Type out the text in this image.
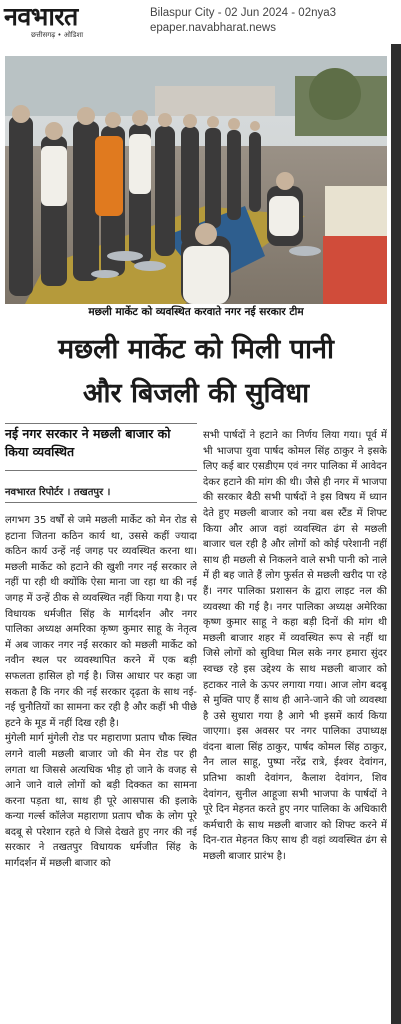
नवभारत
छत्तीसगढ़ • ओडिशा
Bilaspur City - 02 Jun 2024 - 02nya3
epaper.navabharat.news
मछली मार्केट को व्यवस्थित करवाते नगर नई सरकार टीम
मछली मार्केट को मिली पानी
और बिजली की सुविधा
नई नगर सरकार ने मछली बाजार को किया व्यवस्थित
नवभारत रिपोर्टर । तखतपुर ।

लगभग 35 वर्षों से जमे मछली मार्केट को मेन रोड से हटाना जितना कठिन कार्य था, उससे कहीं ज्यादा कठिन कार्य उन्हें नई जगह पर व्यवस्थित करना था। मछली मार्केट को हटाने की खुशी नगर नई सरकार ले नहीं पा रही थी क्योंकि ऐसा माना जा रहा था की नई जगह में उन्हें ठीक से व्यवस्थित नहीं किया गया है। पर विधायक धर्मजीत सिंह के मार्गदर्शन और नगर पालिका अध्यक्ष अमरिका कृष्ण कुमार साहू के नेतृत्व में अब जाकर नगर नई सरकार को मछली मार्केट को नवीन स्थल पर व्यवस्थापित करने में एक बड़ी सफलता हासिल हो गई है। जिस आधार पर कहा जा सकता है कि नगर की नई सरकार दृढ़ता के साथ नई-नई चुनौतियों का सामना कर रही है और कहीं भी पीछे हटने के मूड में नहीं दिख रही है।

मुंगेली मार्ग मुंगेली रोड पर महाराणा प्रताप चौक स्थित लगने वाली मछली बाजार जो की मेन रोड पर ही लगता था जिससे अत्यधिक भीड़ हो जाने के वजह से आने जाने वाले लोगों को बड़ी दिक्कत का सामना करना पड़ता था, साथ ही पूरे आसपास की इलाके कन्या गर्ल्स कॉलेज महाराणा प्रताप चौक के लोग पूरे बदबू से परेशान रहते थे जिसे देखते हुए नगर की नई सरकार ने तखतपुर विधायक धर्मजीत सिंह के मार्गदर्शन में मछली बाजार को

सभी पार्षदों ने हटाने का निर्णय लिया गया। पूर्व में भी भाजपा युवा पार्षद कोमल सिंह ठाकुर ने इसके लिए कई बार एसडीएम एवं नगर पालिका में आवेदन देकर हटाने की मांग की थी। जैसे ही नगर में भाजपा की सरकार बैठी सभी पार्षदों ने इस विषय में ध्यान देते हुए मछली बाजार को नया बस स्टैंड में शिफ्ट किया और आज वहां व्यवस्थित ढंग से मछली बाजार चल रही है और लोगों को कोई परेशानी नहीं साथ ही मछली से निकलने वाले सभी पानी को नाले में ही बह जाते हैं लोग फुर्सत से मछली खरीद पा रहे हैं। नगर पालिका प्रशासन के द्वारा लाइट नल की व्यवस्था की गई है। नगर पालिका अध्यक्ष अमेरिका कृष्ण कुमार साहू ने कहा बड़ी दिनों की मांग थी मछली बाजार शहर में व्यवस्थित रूप से नहीं था जिसे लोगों को सुविधा मिल सके नगर हमारा सुंदर स्वच्छ रहे इस उद्देश्य के साथ मछली बाजार को हटाकर नाले के ऊपर लगाया गया। आज लोग बदबू से मुक्ति पाए हैं साथ ही आने-जाने की जो व्यवस्था है उसे सुधारा गया है आगे भी इसमें कार्य किया जाएगा। इस अवसर पर नगर पालिका उपाध्यक्ष वंदना बाला सिंह ठाकुर, पार्षद कोमल सिंह ठाकुर, नैन लाल साहू, पुष्पा नरेंद्र रात्रे, ईश्वर देवांगन, प्रतिभा काशी देवांगन, कैलाश देवांगन, शिव देवांगन, सुनील आहूजा सभी भाजपा के पार्षदों ने पूरे दिन मेहनत करते हुए नगर पालिका के अधिकारी कर्मचारी के साथ मछली बाजार को शिफ्ट करने में दिन-रात मेहनत किए साथ ही वहां व्यवस्थित ढंग से मछली बाजार प्रारंभ है।
